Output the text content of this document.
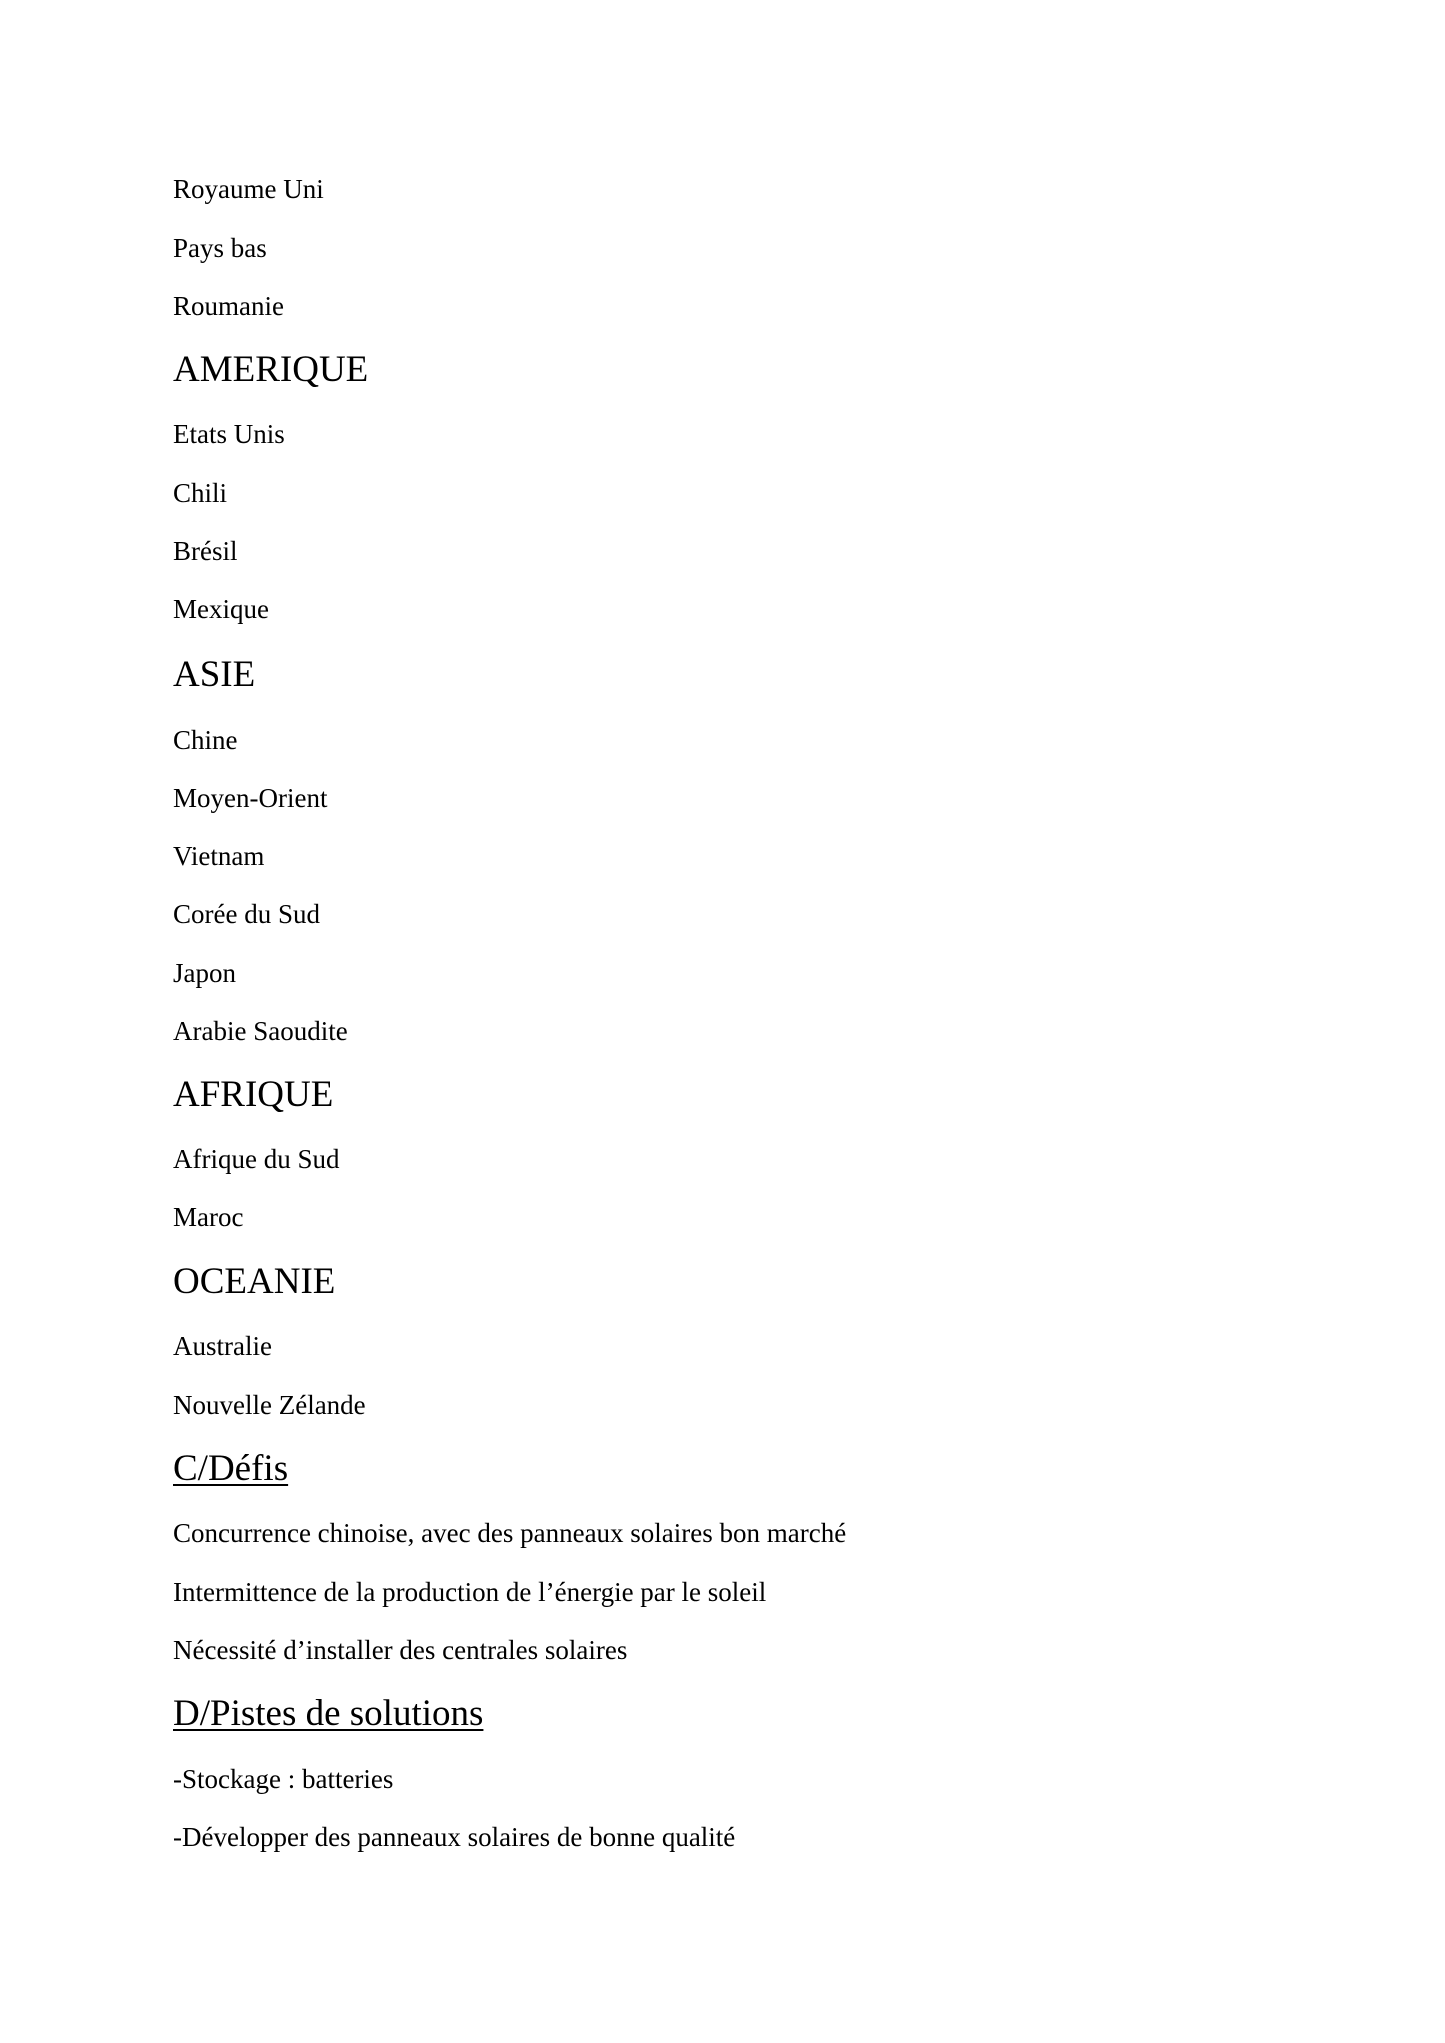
Royaume Uni
Pays bas
Roumanie
AMERIQUE
Etats Unis
Chili
Brésil
Mexique
ASIE
Chine
Moyen-Orient
Vietnam
Corée du Sud
Japon
Arabie Saoudite
AFRIQUE
Afrique du Sud
Maroc
OCEANIE
Australie
Nouvelle Zélande
C/Défis
Concurrence chinoise, avec des panneaux solaires bon marché
Intermittence de la production de l’énergie par le soleil
Nécessité d’installer des centrales solaires
D/Pistes de solutions
-Stockage : batteries
-Développer des panneaux solaires de bonne qualité
